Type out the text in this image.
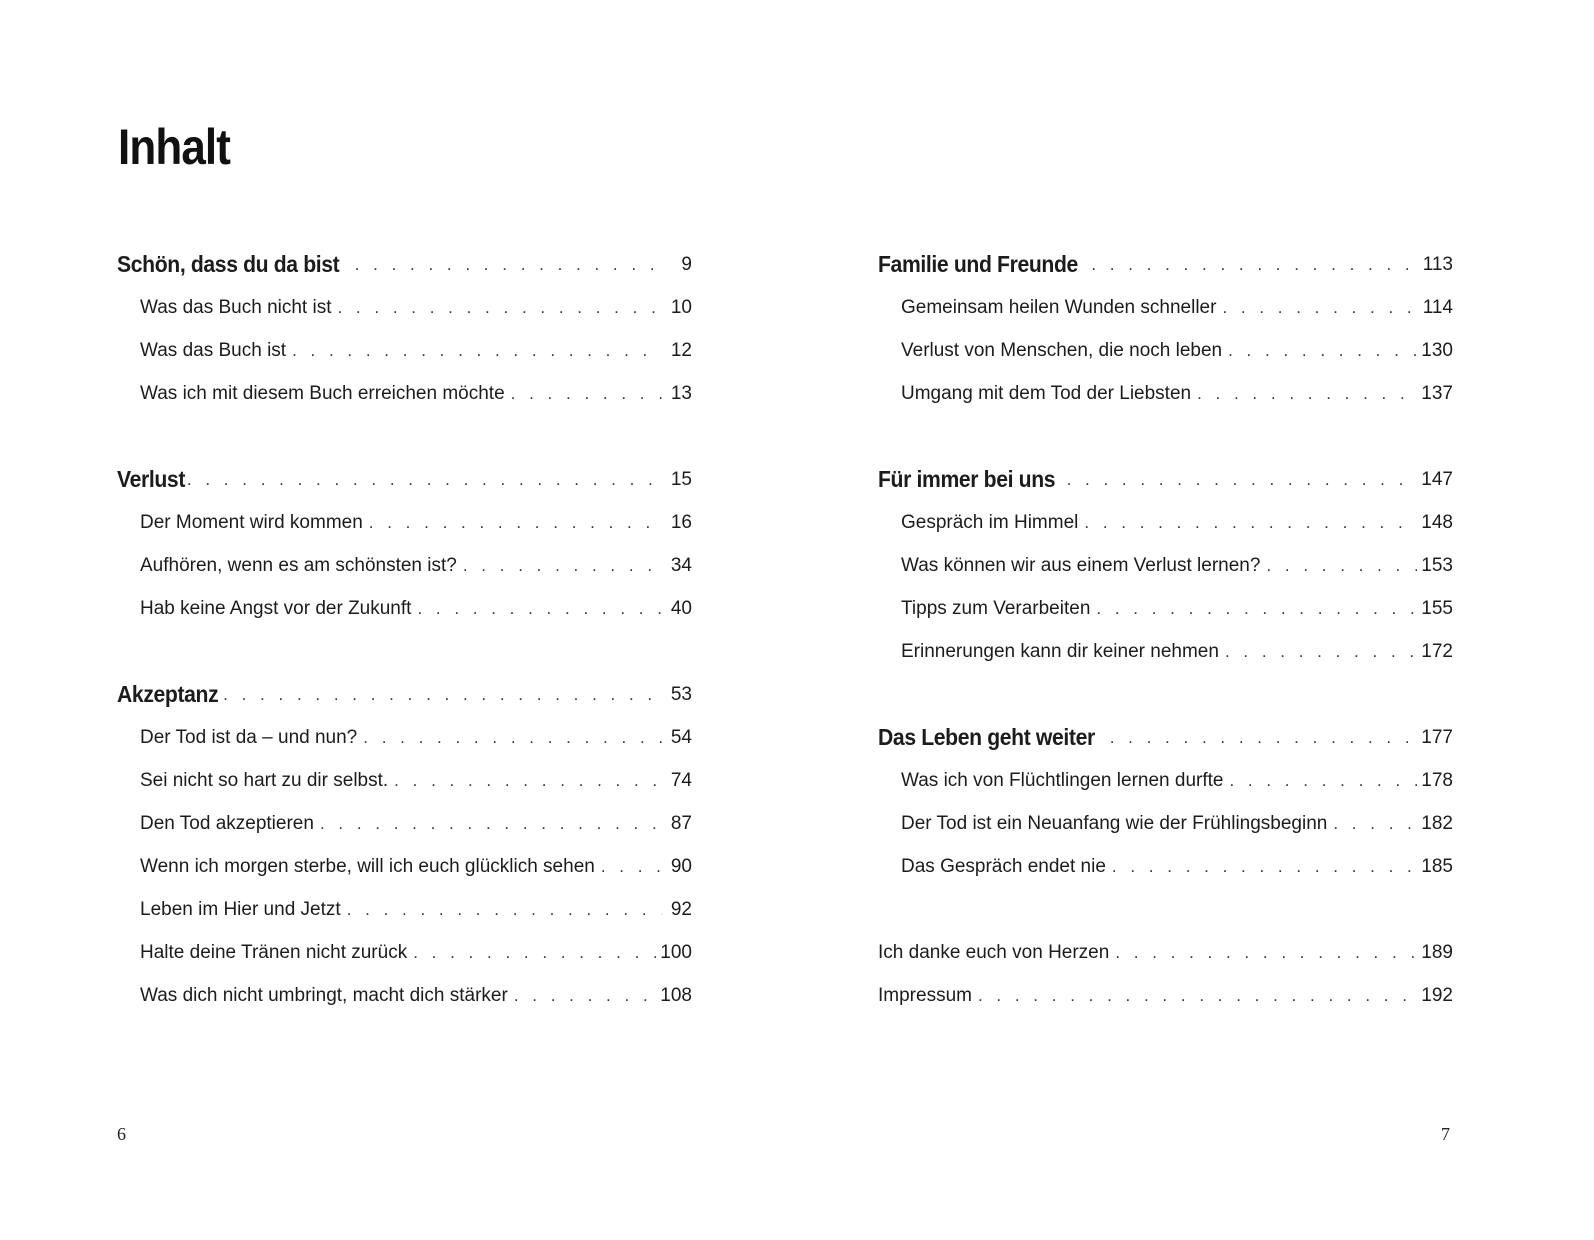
Inhalt
Schön, dass du da bist . . .	9
Was das Buch nicht ist . . .	10
Was das Buch ist . . .	12
Was ich mit diesem Buch erreichen möchte . . .	13
Verlust . . .	15
Der Moment wird kommen . . .	16
Aufhören, wenn es am schönsten ist? . . .	34
Hab keine Angst vor der Zukunft . . .	40
Akzeptanz . . .	53
Der Tod ist da – und nun? . . .	54
Sei nicht so hart zu dir selbst. . . .	74
Den Tod akzeptieren . . .	87
Wenn ich morgen sterbe, will ich euch glücklich sehen . . .	90
Leben im Hier und Jetzt . . .	92
Halte deine Tränen nicht zurück . . .	100
Was dich nicht umbringt, macht dich stärker . . .	108
Familie und Freunde . . .	113
Gemeinsam heilen Wunden schneller . . .	114
Verlust von Menschen, die noch leben . . .	130
Umgang mit dem Tod der Liebsten . . .	137
Für immer bei uns . . .	147
Gespräch im Himmel . . .	148
Was können wir aus einem Verlust lernen? . . .	153
Tipps zum Verarbeiten . . .	155
Erinnerungen kann dir keiner nehmen . . .	172
Das Leben geht weiter . . .	177
Was ich von Flüchtlingen lernen durfte . . .	178
Der Tod ist ein Neuanfang wie der Frühlingsbeginn . . .	182
Das Gespräch endet nie . . .	185
Ich danke euch von Herzen . . .	189
Impressum . . .	192
6	7
